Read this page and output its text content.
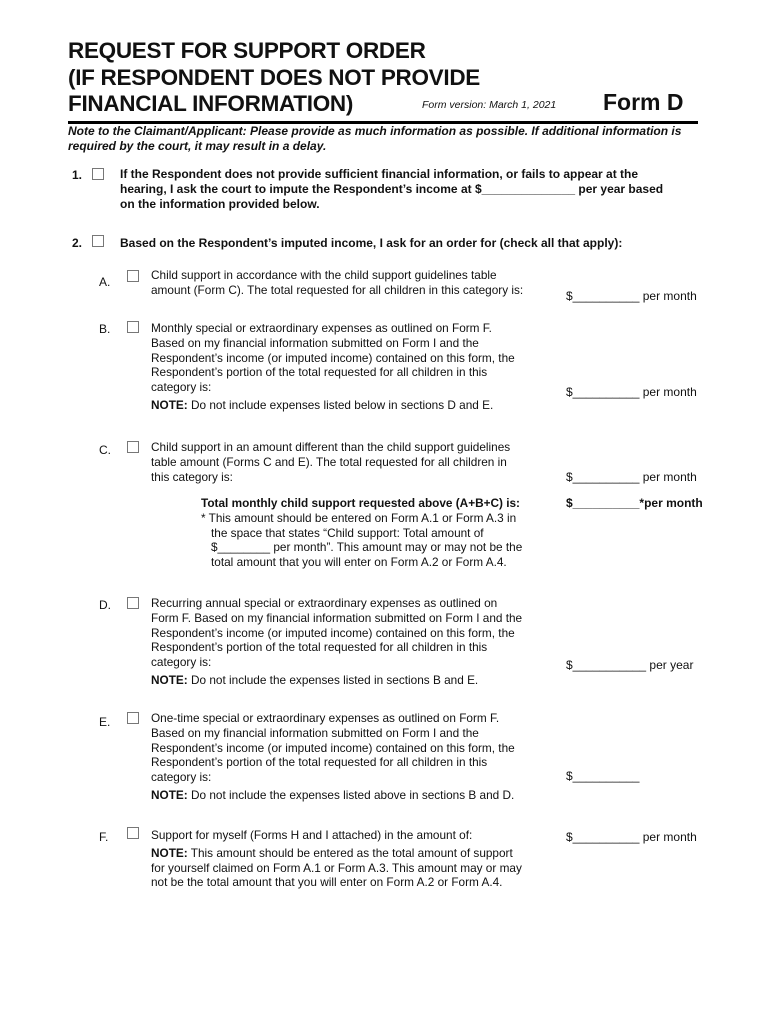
REQUEST FOR SUPPORT ORDER
(IF RESPONDENT DOES NOT PROVIDE
FINANCIAL INFORMATION)	Form version: March 1, 2021 Form D
Note to the Claimant/Applicant: Please provide as much information as possible. If additional information is required by the court, it may result in a delay.
1.	If the Respondent does not provide sufficient financial information, or fails to appear at the
hearing, I ask the court to impute the Respondent’s income at $______________ per year based
on the information provided below.
2.	Based on the Respondent’s imputed income, I ask for an order for (check all that apply):
A.	Child support in accordance with the child support guidelines table
amount (Form C). The total requested for all children in this category is:	$__________ per month
B.	Monthly special or extraordinary expenses as outlined on Form F.
Based on my financial information submitted on Form I and the
Respondent’s income (or imputed income) contained on this form, the
Respondent’s portion of the total requested for all children in this
category is:
NOTE: Do not include expenses listed below in sections D and E.
$__________ per month
C.	Child support in an amount different than the child support guidelines
table amount (Forms C and E). The total requested for all children in
this category is:	$__________ per month
Total monthly child support requested above (A+B+C) is:
* This amount should be entered on Form A.1 or Form A.3 in
the space that states “Child support: Total amount of
$________ per month”. This amount may or may not be the
total amount that you will enter on Form A.2 or Form A.4.
$__________*per month
D.	Recurring annual special or extraordinary expenses as outlined on
Form F. Based on my financial information submitted on Form I and the
Respondent’s income (or imputed income) contained on this form, the
Respondent’s portion of the total requested for all children in this
category is:
NOTE: Do not include the expenses listed in sections B and E.
$___________ per year
E.	One-time special or extraordinary expenses as outlined on Form F.
Based on my financial information submitted on Form I and the
Respondent’s income (or imputed income) contained on this form, the
Respondent’s portion of the total requested for all children in this
category is:
NOTE: Do not include the expenses listed above in sections B and D.
$__________
F.	Support for myself (Forms H and I attached) in the amount of:
NOTE: This amount should be entered as the total amount of support
for yourself claimed on Form A.1 or Form A.3. This amount may or may
not be the total amount that you will enter on Form A.2 or Form A.4.
$__________ per month
